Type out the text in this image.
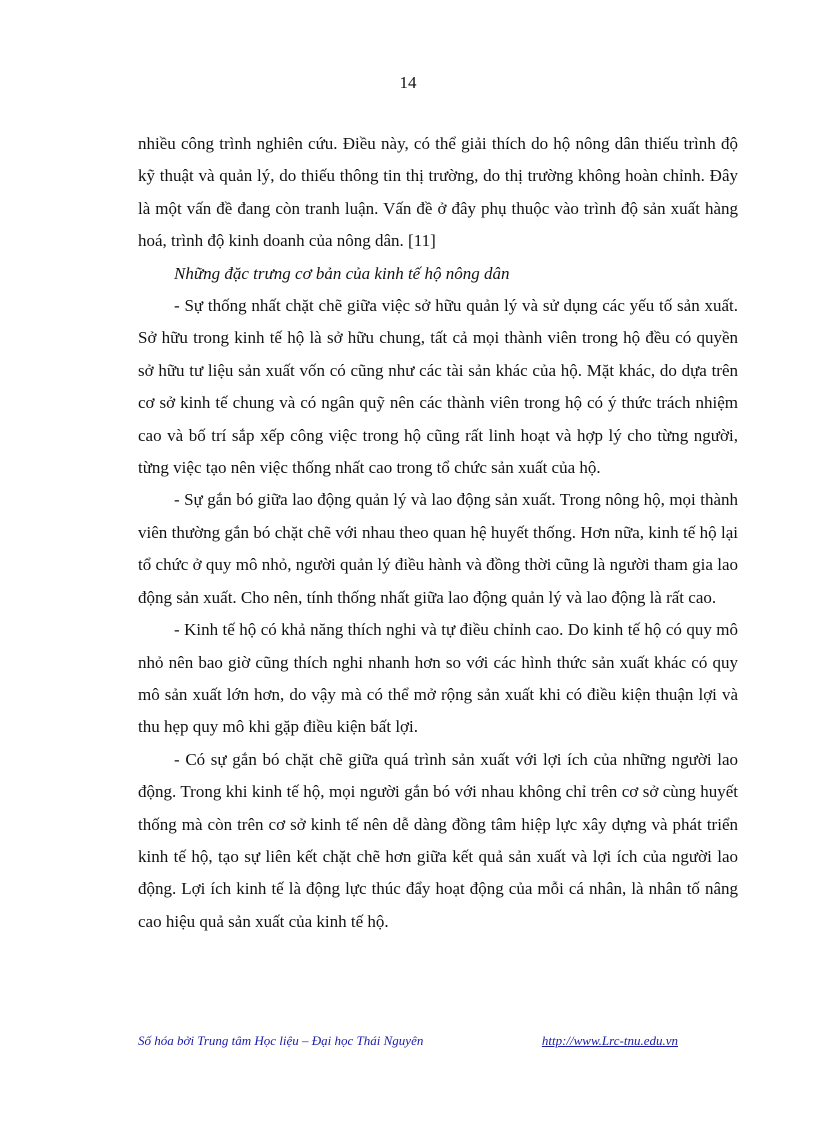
14

nhiều công trình nghiên cứu. Điều này, có thể giải thích do hộ nông dân thiếu trình độ kỹ thuật và quản lý, do thiếu thông tin thị trường, do thị trường không hoàn chỉnh. Đây là một vấn đề đang còn tranh luận. Vấn đề ở đây phụ thuộc vào trình độ sản xuất hàng hoá, trình độ kinh doanh của nông dân. [11]

Những đặc trưng cơ bản của kinh tế hộ nông dân

- Sự thống nhất chặt chẽ giữa việc sở hữu quản lý và sử dụng các yếu tố sản xuất. Sở hữu trong kinh tế hộ là sở hữu chung, tất cả mọi thành viên trong hộ đều có quyền sở hữu tư liệu sản xuất vốn có cũng như các tài sản khác của hộ. Mặt khác, do dựa trên cơ sở kinh tế chung và có ngân quỹ nên các thành viên trong hộ có ý thức trách nhiệm cao và bố trí sắp xếp công việc trong hộ cũng rất linh hoạt và hợp lý cho từng người, từng việc tạo nên việc thống nhất cao trong tổ chức sản xuất của hộ.

- Sự gắn bó giữa lao động quản lý và lao động sản xuất. Trong nông hộ, mọi thành viên thường gắn bó chặt chẽ với nhau theo quan hệ huyết thống. Hơn nữa, kinh tế hộ lại tổ chức ở quy mô nhỏ, người quản lý điều hành và đồng thời cũng là người tham gia lao động sản xuất. Cho nên, tính thống nhất giữa lao động quản lý và lao động là rất cao.

- Kinh tế hộ có khả năng thích nghi và tự điều chỉnh cao. Do kinh tế hộ có quy mô nhỏ nên bao giờ cũng thích nghi nhanh hơn so với các hình thức sản xuất khác có quy mô sản xuất lớn hơn, do vậy mà có thể mở rộng sản xuất khi có điều kiện thuận lợi và thu hẹp quy mô khi gặp điều kiện bất lợi.

- Có sự gắn bó chặt chẽ giữa quá trình sản xuất với lợi ích của những người lao động. Trong khi kinh tế hộ, mọi người gắn bó với nhau không chỉ trên cơ sở cùng huyết thống mà còn trên cơ sở kinh tế nên dễ dàng đồng tâm hiệp lực xây dựng và phát triển kinh tế hộ, tạo sự liên kết chặt chẽ hơn giữa kết quả sản xuất và lợi ích của người lao động. Lợi ích kinh tế là động lực thúc đẩy hoạt động của mỗi cá nhân, là nhân tố nâng cao hiệu quả sản xuất của kinh tế hộ.

Số hóa bởi Trung tâm Học liệu – Đại học Thái Nguyên	http://www.Lrc-tnu.edu.vn
